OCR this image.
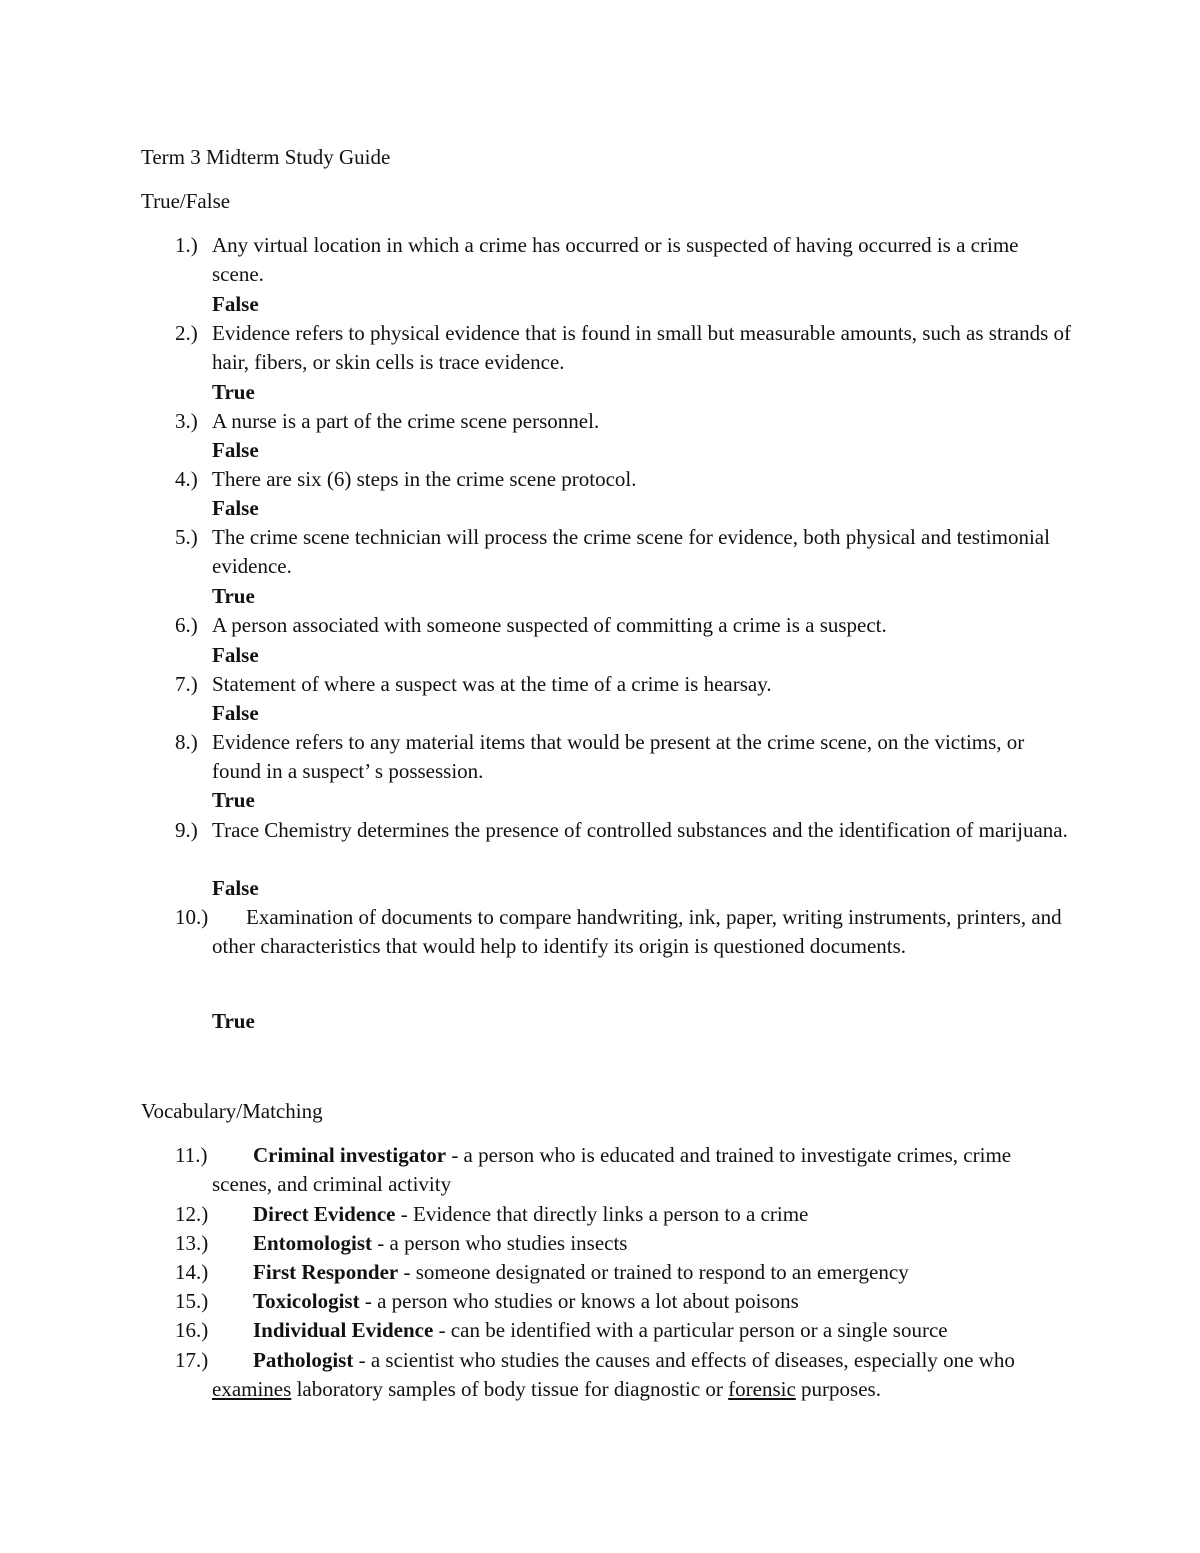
Term 3 Midterm Study Guide
True/False
1.) Any virtual location in which a crime has occurred or is suspected of having occurred is a crime scene.
False
2.) Evidence refers to physical evidence that is found in small but measurable amounts, such as strands of hair, fibers, or skin cells is trace evidence.
True
3.) A nurse is a part of the crime scene personnel.
False
4.) There are six (6) steps in the crime scene protocol.
False
5.) The crime scene technician will process the crime scene for evidence, both physical and testimonial evidence.
True
6.) A person associated with someone suspected of committing a crime is a suspect.
False
7.) Statement of where a suspect was at the time of a crime is hearsay.
False
8.) Evidence refers to any material items that would be present at the crime scene, on the victims, or found in a suspect’ s possession.
True
9.) Trace Chemistry determines the presence of controlled substances and the identification of marijuana.
False
10.)	Examination of documents to compare handwriting, ink, paper, writing instruments, printers, and other characteristics that would help to identify its origin is questioned documents.
True
Vocabulary/Matching
11.)	Criminal investigator - a person who is educated and trained to investigate crimes, crime scenes, and criminal activity
12.)	Direct Evidence - Evidence that directly links a person to a crime
13.)	Entomologist - a person who studies insects
14.)	First Responder - someone designated or trained to respond to an emergency
15.)	Toxicologist - a person who studies or knows a lot about poisons
16.)	Individual Evidence - can be identified with a particular person or a single source
17.)	Pathologist - a scientist who studies the causes and effects of diseases, especially one who examines laboratory samples of body tissue for diagnostic or forensic purposes.
